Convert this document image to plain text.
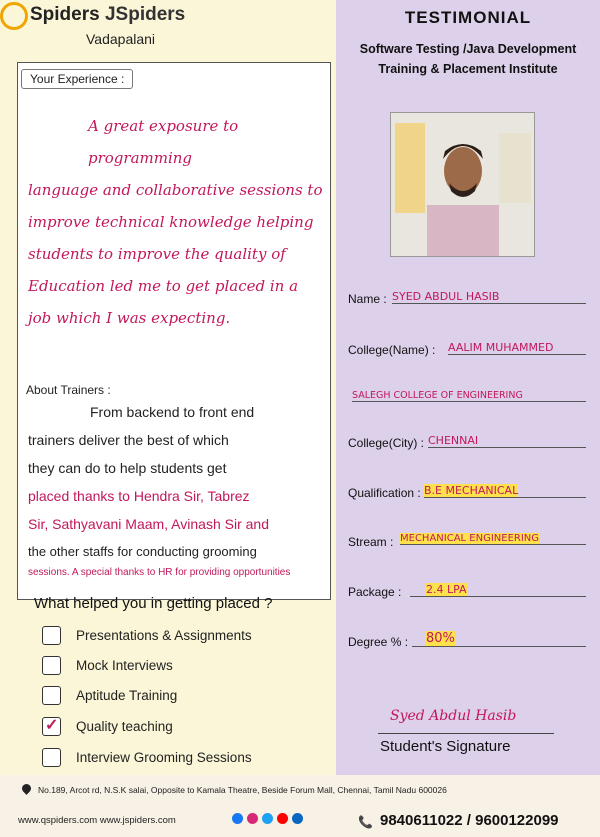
Spiders JSpiders
Vadapalani
Your Experience :
A great exposure to programming
language and collaborative sessions to
improve technical knowledge helping
students to improve the quality of
Education led me to get placed in a
job which I was expecting.
About Trainers :
From backend to front end
trainers deliver the best of which
they can do to help students get
placed thanks to Hendra Sir, Tabrez
Sir, Sathyavani Maam, Avinash Sir and
the other staffs for conducting grooming
sessions. A special thanks to HR for providing opportunities
What helped you in getting placed ?
Presentations & Assignments
Mock Interviews
Aptitude Training
✓ Quality teaching
Interview Grooming Sessions
TESTIMONIAL
Software Testing /Java Development
Training & Placement Institute
Name : SYED ABDUL HASIB
College(Name) : AALIM MUHAMMED
SALEGH COLLEGE OF ENGINEERING
College(City) : CHENNAI
Qualification : B.E MECHANICAL
Stream : MECHANICAL ENGINEERING
Package :	2.4 LPA
Degree % :	80%
Syed Abdul Hasib
Student's Signature
No.189, Arcot rd, N.S.K salai, Opposite to Kamala Theatre, Beside Forum Mall, Chennai, Tamil Nadu 600026
www.qspiders.com www.jspiders.com	📞 9840611022 / 9600122099
